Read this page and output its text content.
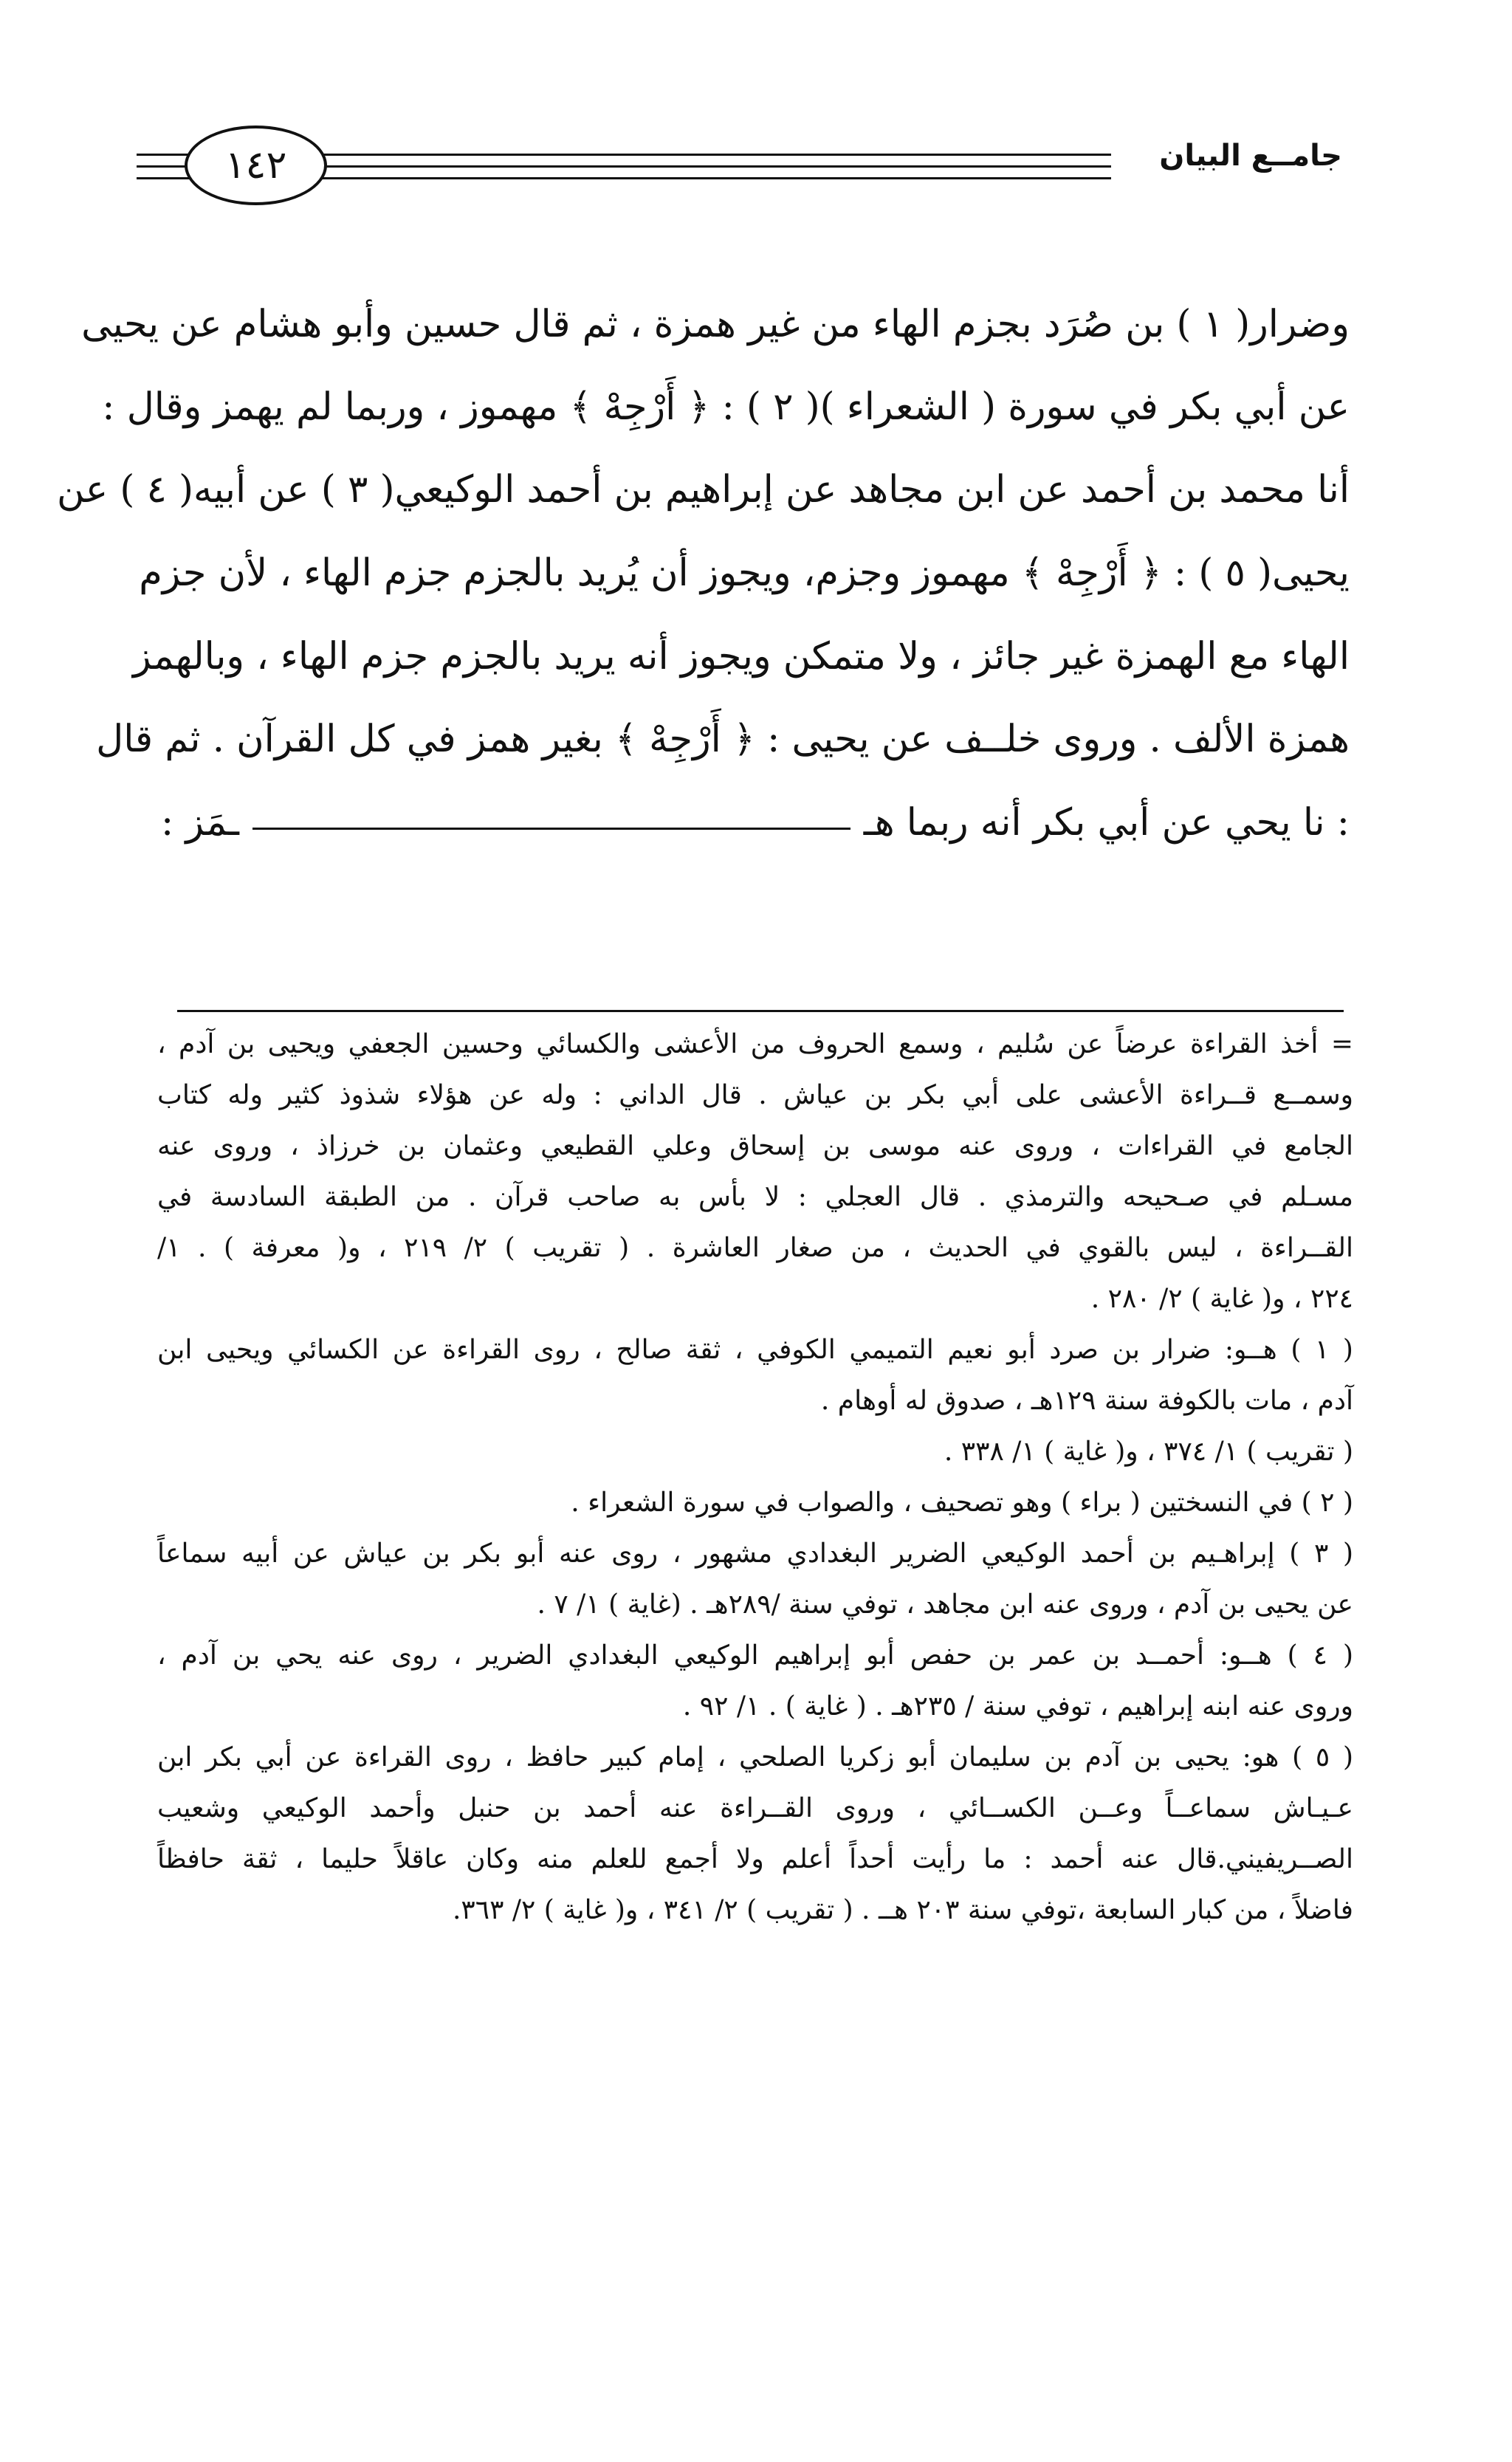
جامــع البيان
١٤٢
وضرار( ١ ) بن صُرَد بجزم الهاء من غير همزة ، ثم قال حسين وأبو هشام عن يحيى
عن أبي بكر في سورة ( الشعراء )( ٢ ) : ﴿ أَرْجِهْ ﴾ مهموز ، وربما لم يهمز وقال :
أنا محمد بن أحمد عن ابن مجاهد عن إبراهيم بن أحمد الوكيعي( ٣ ) عن أبيه( ٤ ) عن
يحيى( ٥ ) : ﴿ أَرْجِهْ ﴾ مهموز وجزم، ويجوز أن يُريد بالجزم جزم الهاء ، لأن جزم
الهاء مع الهمزة غير جائز ، ولا متمكن ويجوز أنه يريد بالجزم جزم الهاء ، وبالهمز
همزة الألف . وروى خلــف عن يحيى : ﴿ أَرْجِهْ ﴾ بغير همز في كل القرآن . ثم قال
: نا يحي عن أبي بكر أنه ربما هـ
ـمَز :
= أخذ القراءة عرضاً عن سُليم ، وسمع الحروف من الأعشى والكسائي وحسين الجعفي ويحيى بن آدم ،
وسمــع قــراءة الأعشى على أبي بكر بن عياش . قال الداني : وله عن هؤلاء شذوذ كثير وله كتاب
الجامع في القراءات ، وروى عنه موسى بن إسحاق وعلي القطيعي وعثمان بن خرزاذ ، وروى عنه
مسـلم في صـحيحه والترمذي . قال العجلي : لا بأس به صاحب قرآن . من الطبقة السادسة في
القــراءة ، ليس بالقوي في الحديث ، من صغار العاشرة . ( تقريب ) ٢/ ٢١٩ ، و( معرفة ) . ١/
٢٢٤ ، و( غاية ) ٢/ ٢٨٠ .
( ١ ) هــو: ضرار بن صرد أبو نعيم التميمي الكوفي ، ثقة صالح ، روى القراءة عن الكسائي ويحيى ابن
آدم ، مات بالكوفة سنة ١٢٩هـ ، صدوق له أوهام .
( تقريب ) ١/ ٣٧٤ ، و( غاية ) ١/ ٣٣٨ .
( ٢ ) في النسختين ( براء ) وهو تصحيف ، والصواب في سورة الشعراء .
( ٣ ) إبراهـيم بن أحمد الوكيعي الضرير البغدادي مشهور ، روى عنه أبو بكر بن عياش عن أبيه سماعاً
عن يحيى بن آدم ، وروى عنه ابن مجاهد ، توفي سنة /٢٨٩هـ . (غاية ) ١/ ٧ .
( ٤ ) هــو: أحمــد بن عمر بن حفص أبو إبراهيم الوكيعي البغدادي الضرير ، روى عنه يحي بن آدم ،
وروى عنه ابنه إبراهيم ، توفي سنة / ٢٣٥هـ . ( غاية ) . ١/ ٩٢ .
( ٥ ) هو: يحيى بن آدم بن سليمان أبو زكريا الصلحي ، إمام كبير حافظ ، روى القراءة عن أبي بكر ابن
عـيـاش سماعــاً وعــن الكســائي ، وروى القــراءة عنه أحمد بن حنبل وأحمد الوكيعي وشعيب
الصــريفيني.قال عنه أحمد : ما رأيت أحداً أعلم ولا أجمع للعلم منه وكان عاقلاً حليما ، ثقة حافظاً
فاضلاً ، من كبار السابعة ،توفي سنة ٢٠٣ هــ . ( تقريب ) ٢/ ٣٤١ ، و( غاية ) ٢/ ٣٦٣.
